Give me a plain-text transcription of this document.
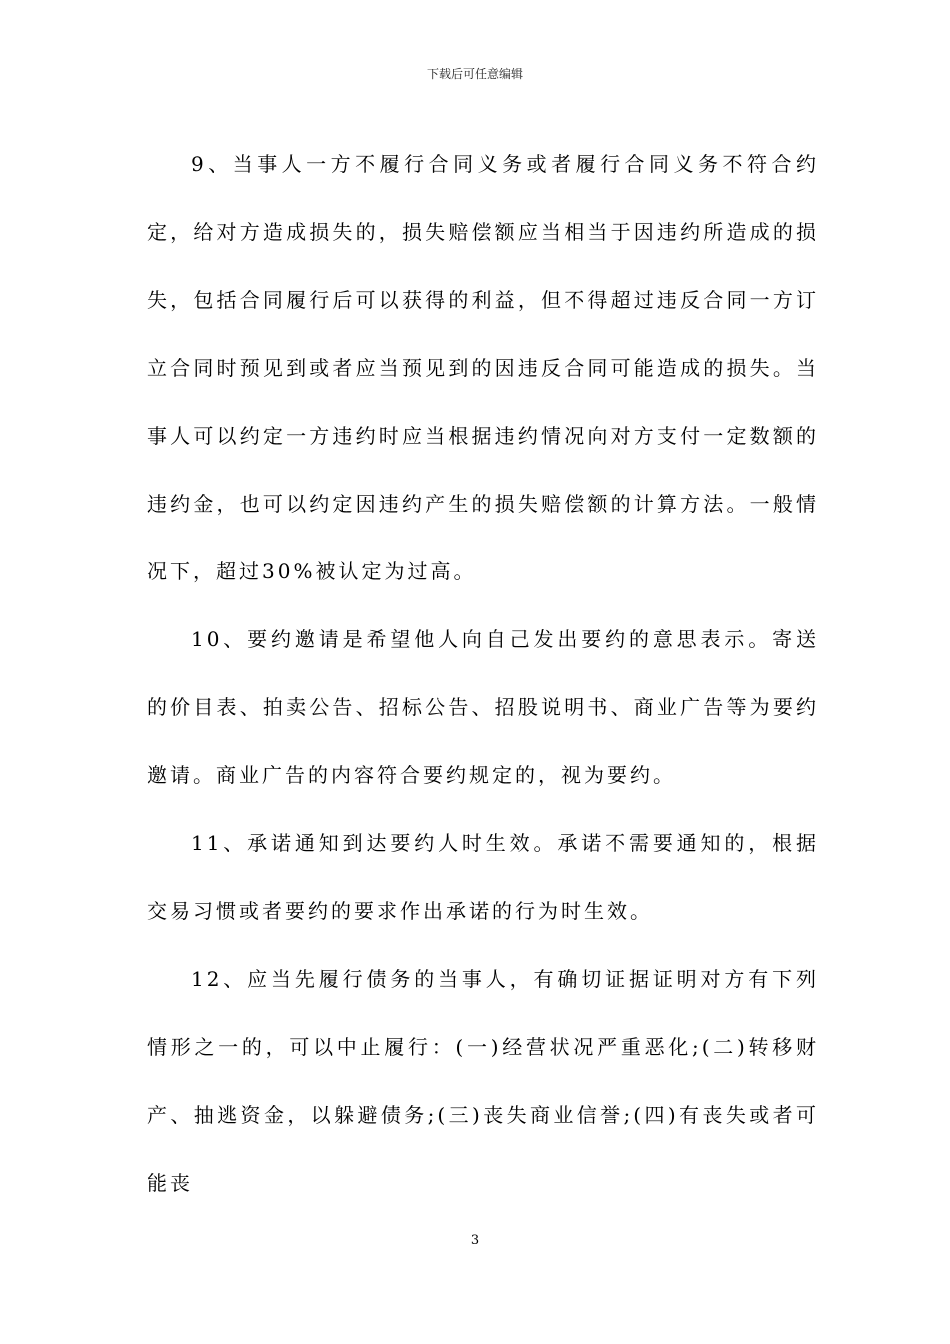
下载后可任意编辑

9、当事人一方不履行合同义务或者履行合同义务不符合约定，给对方造成损失的，损失赔偿额应当相当于因违约所造成的损失，包括合同履行后可以获得的利益，但不得超过违反合同一方订立合同时预见到或者应当预见到的因违反合同可能造成的损失。当事人可以约定一方违约时应当根据违约情况向对方支付一定数额的违约金，也可以约定因违约产生的损失赔偿额的计算方法。一般情况下，超过30%被认定为过高。

10、要约邀请是希望他人向自己发出要约的意思表示。寄送的价目表、拍卖公告、招标公告、招股说明书、商业广告等为要约邀请。商业广告的内容符合要约规定的，视为要约。

11、承诺通知到达要约人时生效。承诺不需要通知的，根据交易习惯或者要约的要求作出承诺的行为时生效。

12、应当先履行债务的当事人，有确切证据证明对方有下列情形之一的，可以中止履行：(一)经营状况严重恶化;(二)转移财产、抽逃资金，以躲避债务;(三)丧失商业信誉;(四)有丧失或者可能丧

3
